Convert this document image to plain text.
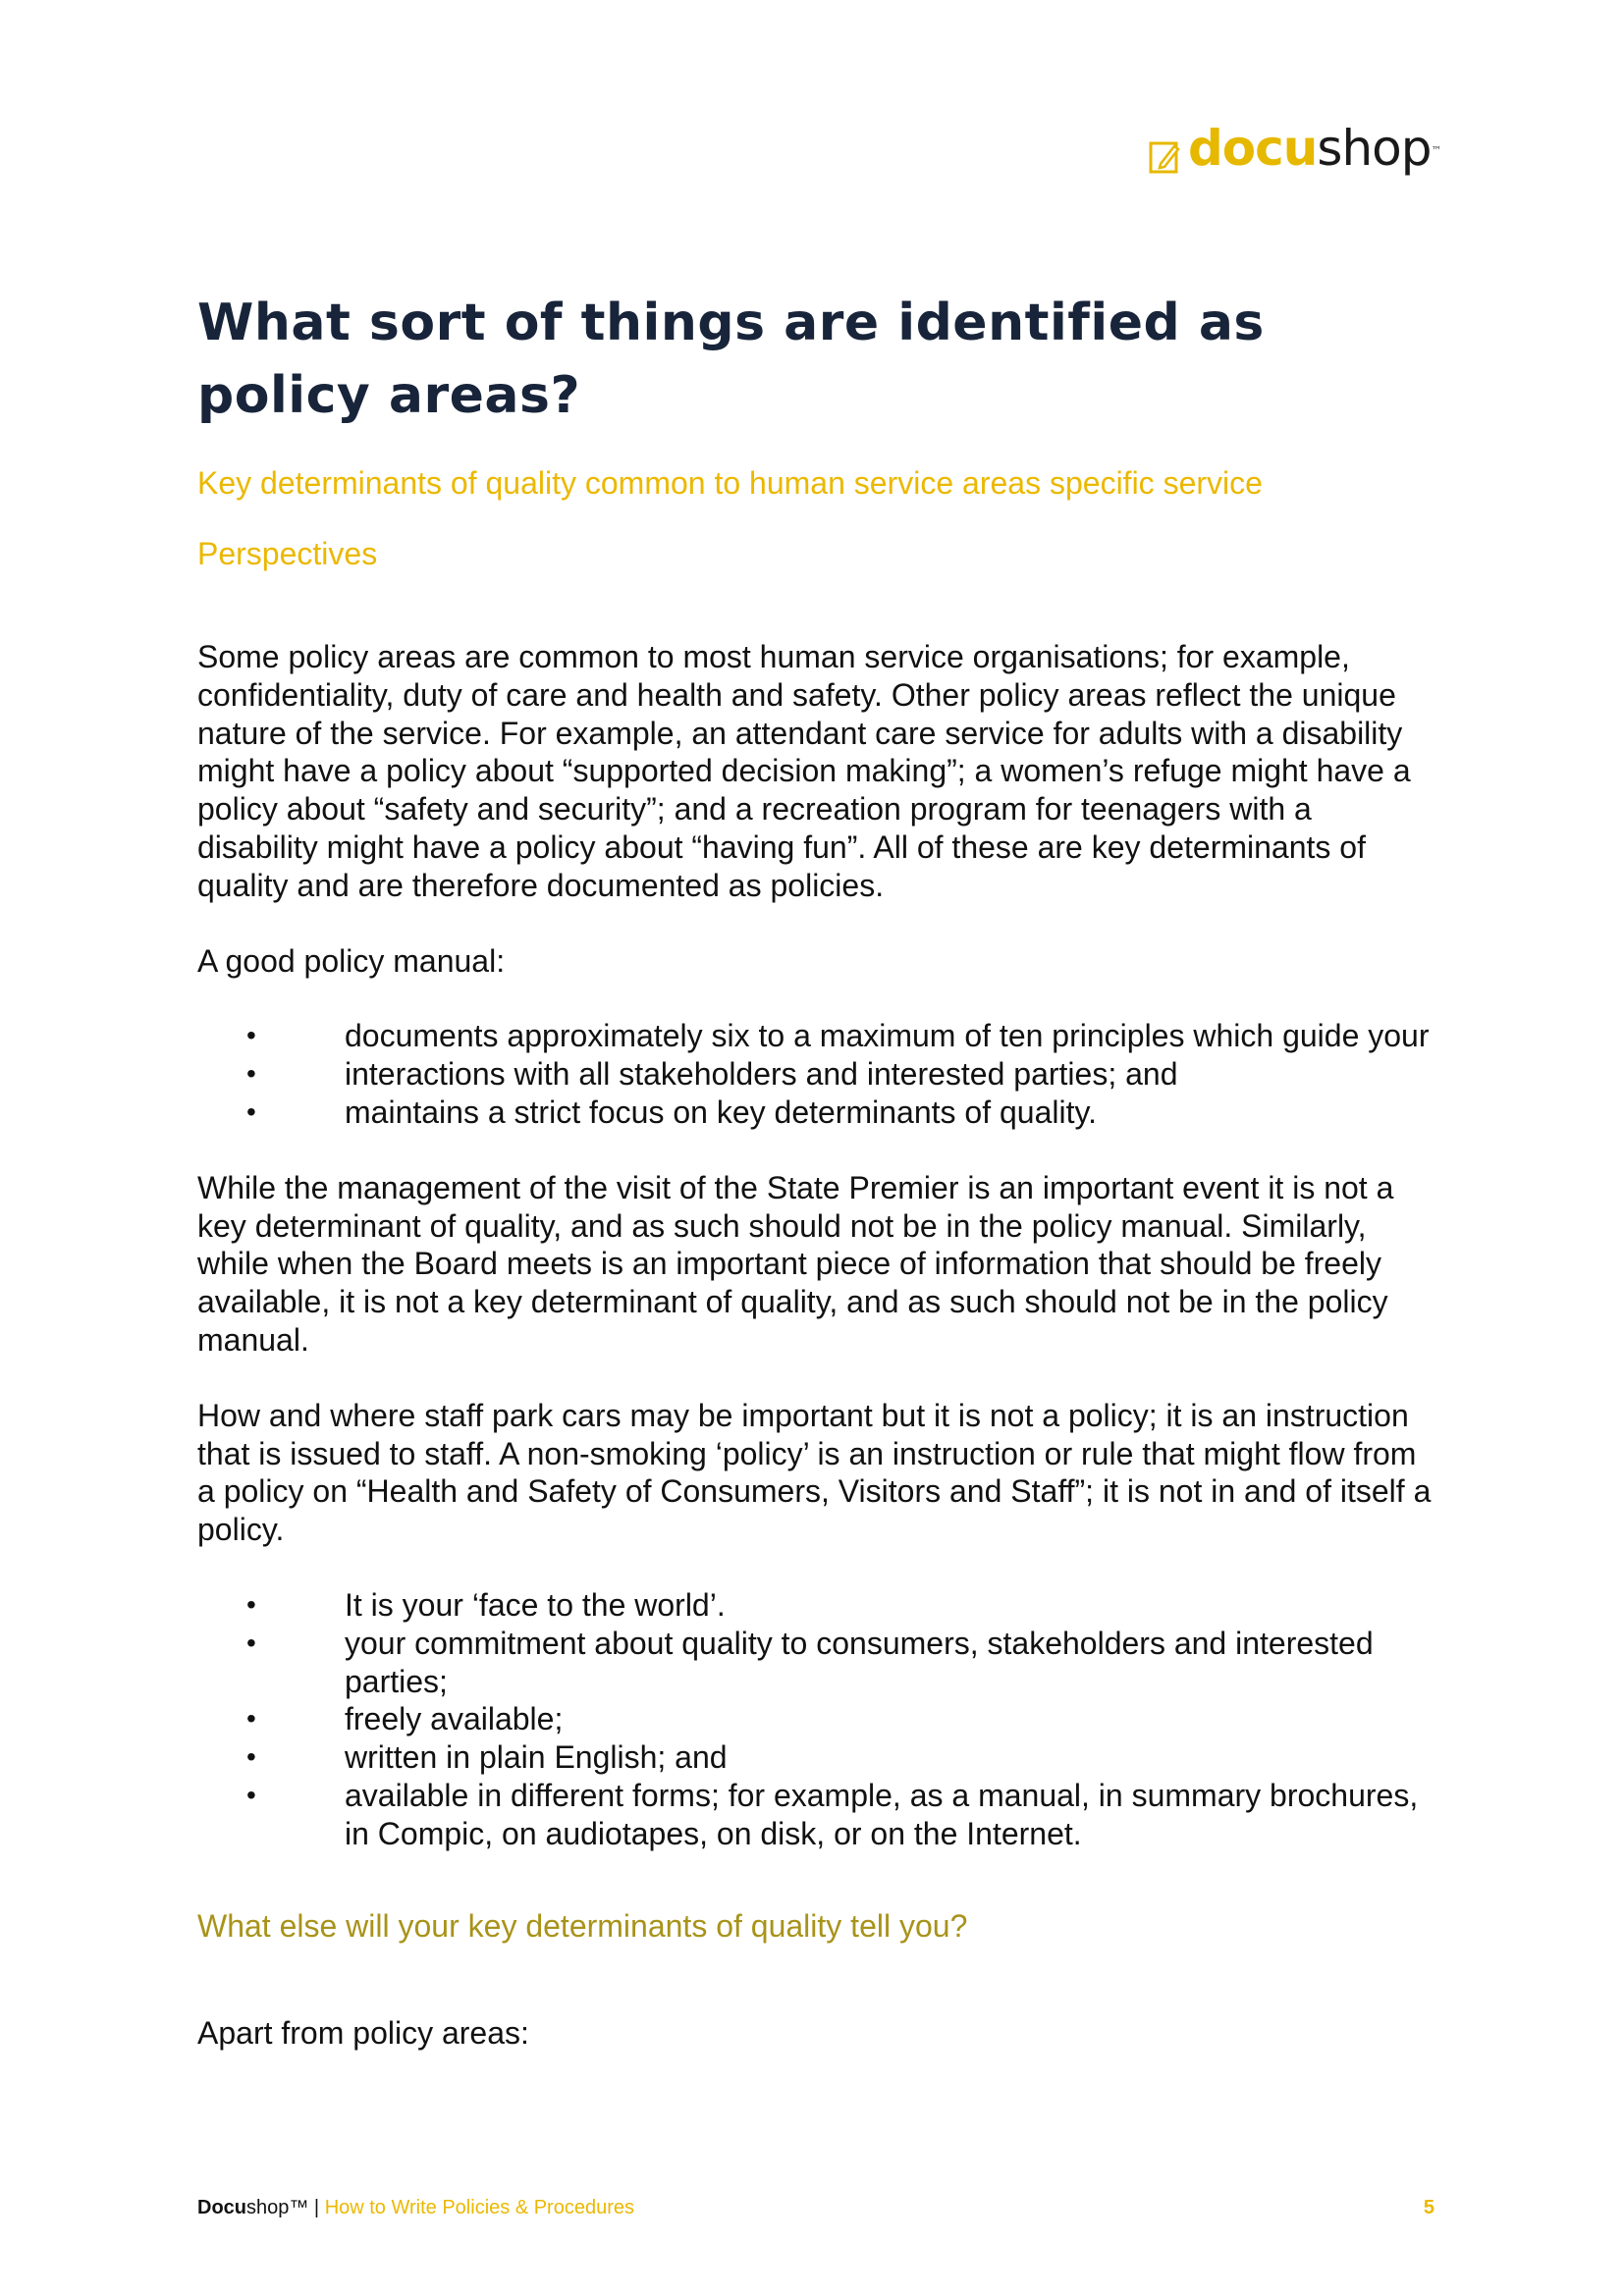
docu shop ™
What sort of things are identified as policy areas?

Key determinants of quality common to human service areas specific service

Perspectives

Some policy areas are common to most human service organisations; for example, confidentiality, duty of care and health and safety. Other policy areas reflect the unique nature of the service. For example, an attendant care service for adults with a disability might have a policy about “supported decision making”; a women’s refuge might have a policy about “safety and security”; and a recreation program for teenagers with a disability might have a policy about “having fun”. All of these are key determinants of quality and are therefore documented as policies.

A good policy manual:

•	documents approximately six to a maximum of ten principles which guide your
•	interactions with all stakeholders and interested parties; and
•	maintains a strict focus on key determinants of quality.

While the management of the visit of the State Premier is an important event it is not a key determinant of quality, and as such should not be in the policy manual. Similarly, while when the Board meets is an important piece of information that should be freely available, it is not a key determinant of quality, and as such should not be in the policy manual.

How and where staff park cars may be important but it is not a policy; it is an instruction that is issued to staff. A non-smoking ‘policy’ is an instruction or rule that might flow from a policy on “Health and Safety of Consumers, Visitors and Staff”; it is not in and of itself a policy.

•	It is your ‘face to the world’.
•	your commitment about quality to consumers, stakeholders and interested parties;
•	freely available;
•	written in plain English; and
•	available in different forms; for example, as a manual, in summary brochures, in Compic, on audiotapes, on disk, or on the Internet.

What else will your key determinants of quality tell you?

Apart from policy areas:

Docushop™ | How to Write Policies & Procedures	5
